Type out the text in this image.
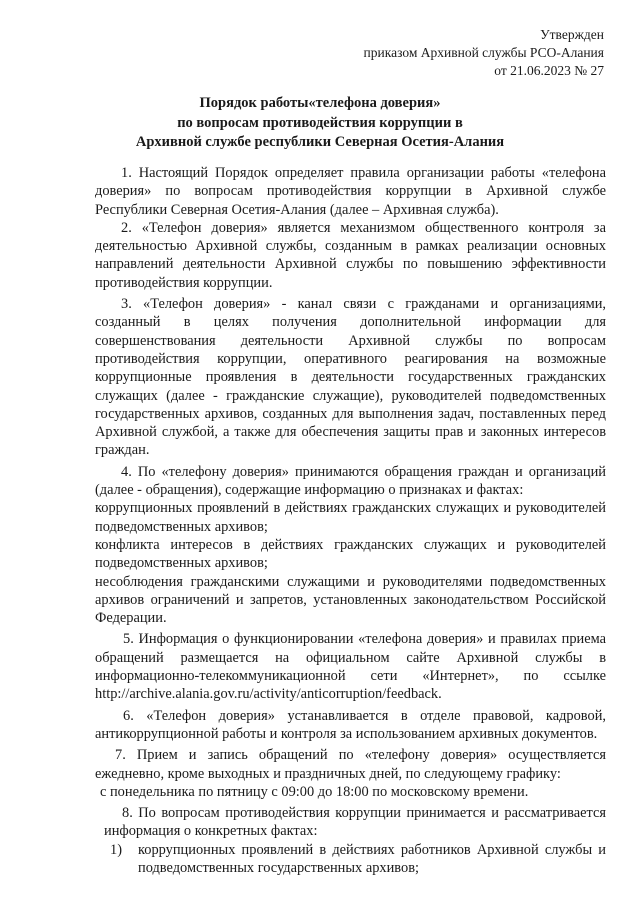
Утвержден
приказом Архивной службы РСО-Алания
от 21.06.2023 № 27
Порядок работы«телефона доверия»
по вопросам противодействия коррупции в
Архивной службе республики Северная Осетия-Алания

1. Настоящий Порядок определяет правила организации работы «телефона доверия» по вопросам противодействия коррупции в Архивной службе Республики Северная Осетия-Алания (далее – Архивная служба).

2. «Телефон доверия» является механизмом общественного контроля за деятельностью Архивной службы, созданным в рамках реализации основных направлений деятельности Архивной службы по повышению эффективности противодействия коррупции.

3. «Телефон доверия» - канал связи с гражданами и организациями, созданный в целях получения дополнительной информации для совершенствования деятельности Архивной службы по вопросам противодействия коррупции, оперативного реагирования на возможные коррупционные проявления в деятельности государственных гражданских служащих (далее - гражданские служащие), руководителей подведомственных государственных архивов, созданных для выполнения задач, поставленных перед Архивной службой, а также для обеспечения защиты прав и законных интересов граждан.

4. По «телефону доверия» принимаются обращения граждан и организаций (далее - обращения), содержащие информацию о признаках и фактах:

коррупционных проявлений в действиях гражданских служащих и руководителей подведомственных архивов;

конфликта интересов в действиях гражданских служащих и руководителей подведомственных архивов;

несоблюдения гражданскими служащими и руководителями подведомственных архивов ограничений и запретов, установленных законодательством Российской Федерации.

5. Информация о функционировании «телефона доверия» и правилах приема обращений размещается на официальном сайте Архивной службы в информационно-телекоммуникационной сети «Интернет», по ссылке http://archive.alania.gov.ru/activity/anticorruption/feedback.

6. «Телефон доверия» устанавливается в отделе правовой, кадровой, антикоррупционной работы и контроля за использованием архивных документов.

7. Прием и запись обращений по «телефону доверия» осуществляется ежедневно, кроме выходных и праздничных дней, по следующему графику:

с понедельника по пятницу с 09:00 до 18:00 по московскому времени.

8. По вопросам противодействия коррупции принимается и рассматривается информация о конкретных фактах:

1)	коррупционных проявлений в действиях работников Архивной службы и подведомственных государственных архивов;
